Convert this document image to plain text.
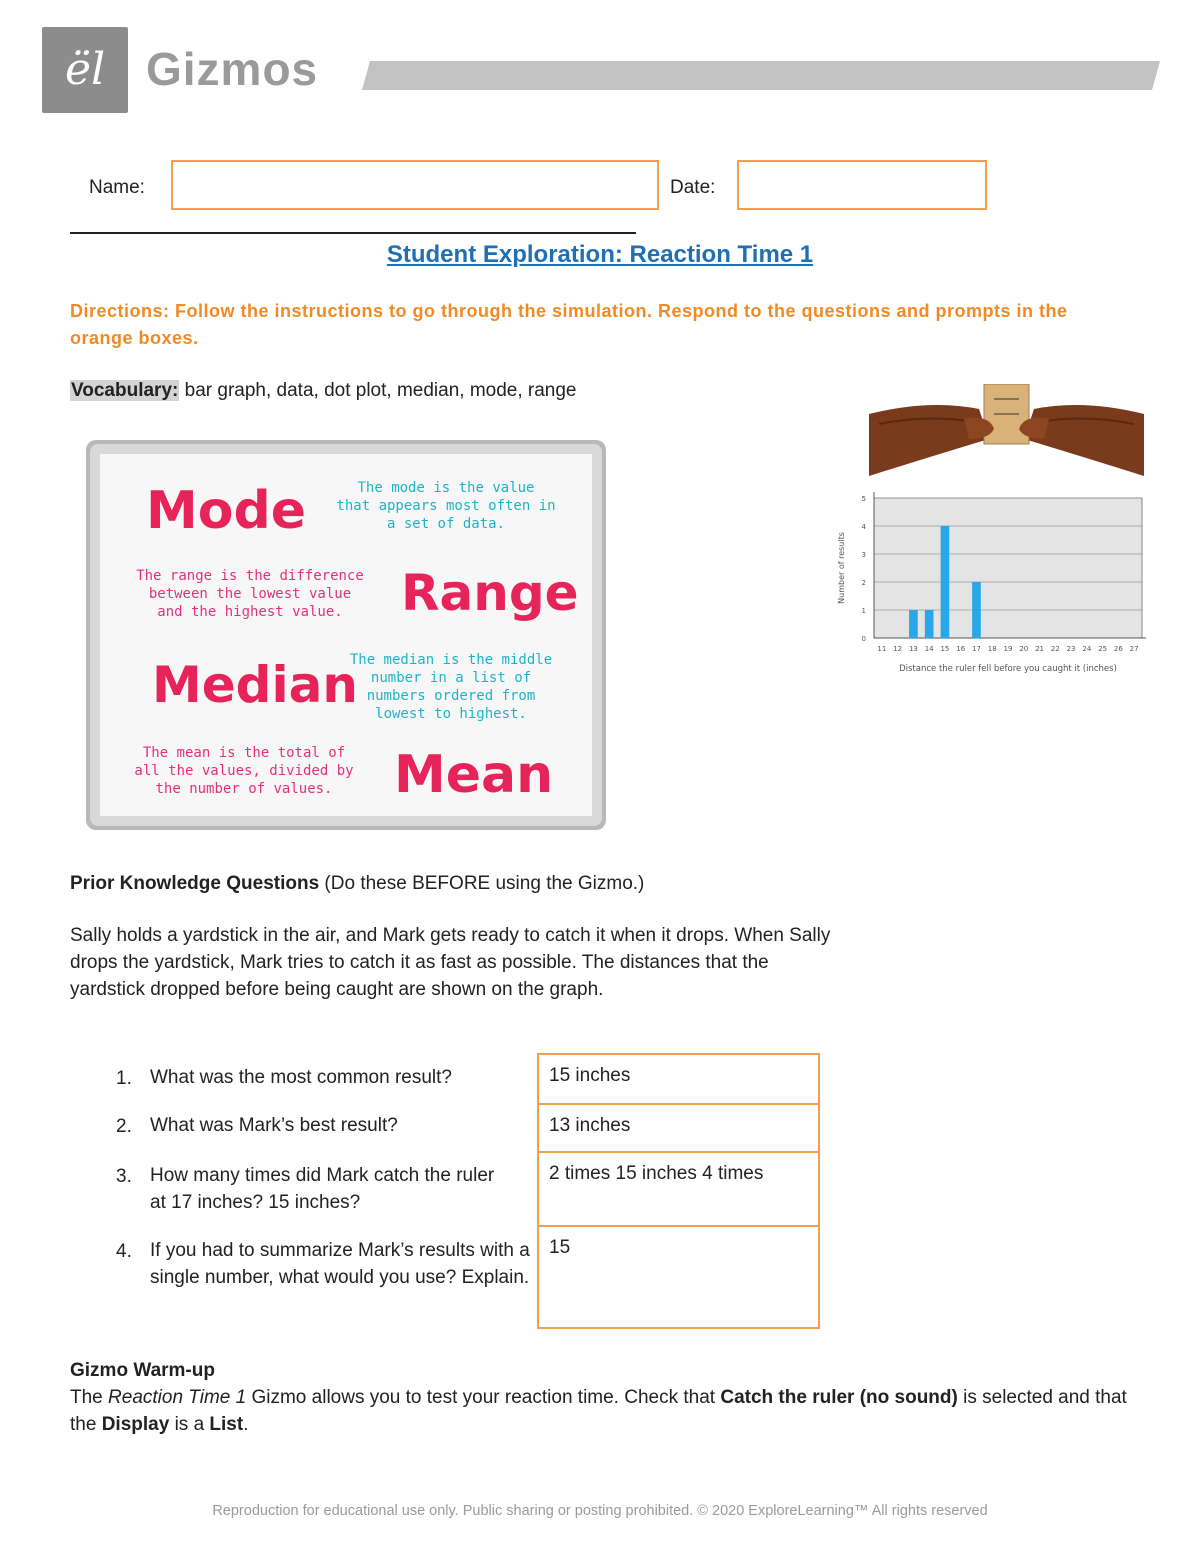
ël Gizmos
Name:	Date:
Student Exploration: Reaction Time 1
Directions: Follow the instructions to go through the simulation. Respond to the questions and prompts in the orange boxes.
Vocabulary: bar graph, data, dot plot, median, mode, range
Mode
Range
Median
Mean
The mode is the value
that appears most often in
a set of data.
The range is the difference
between the lowest value
and the highest value.
The median is the middle
number in a list of
numbers ordered from
lowest to highest.
The mean is the total of
all the values, divided by
the number of values.
0
1
2
3
4
5
11 12 13 14 15 16 17 18 19 20 21 22 23 24 25 26 27
Distance the ruler fell before you caught it (inches)
Number of results
Prior Knowledge Questions (Do these BEFORE using the Gizmo.)
Sally holds a yardstick in the air, and Mark gets ready to catch it when it drops. When Sally drops the yardstick, Mark tries to catch it as fast as possible. The distances that the yardstick dropped before being caught are shown on the graph.
1. What was the most common result?
2. What was Mark’s best result?
3. How many times did Mark catch the ruler at 17 inches? 15 inches?
4. If you had to summarize Mark’s results with a single number, what would you use? Explain.
15 inches
13 inches
2 times 15 inches 4 times
15
Gizmo Warm-up
The Reaction Time 1 Gizmo allows you to test your reaction time. Check that Catch the ruler (no sound) is selected and that the Display is a List.
Reproduction for educational use only. Public sharing or posting prohibited. © 2020 ExploreLearning™ All rights reserved
